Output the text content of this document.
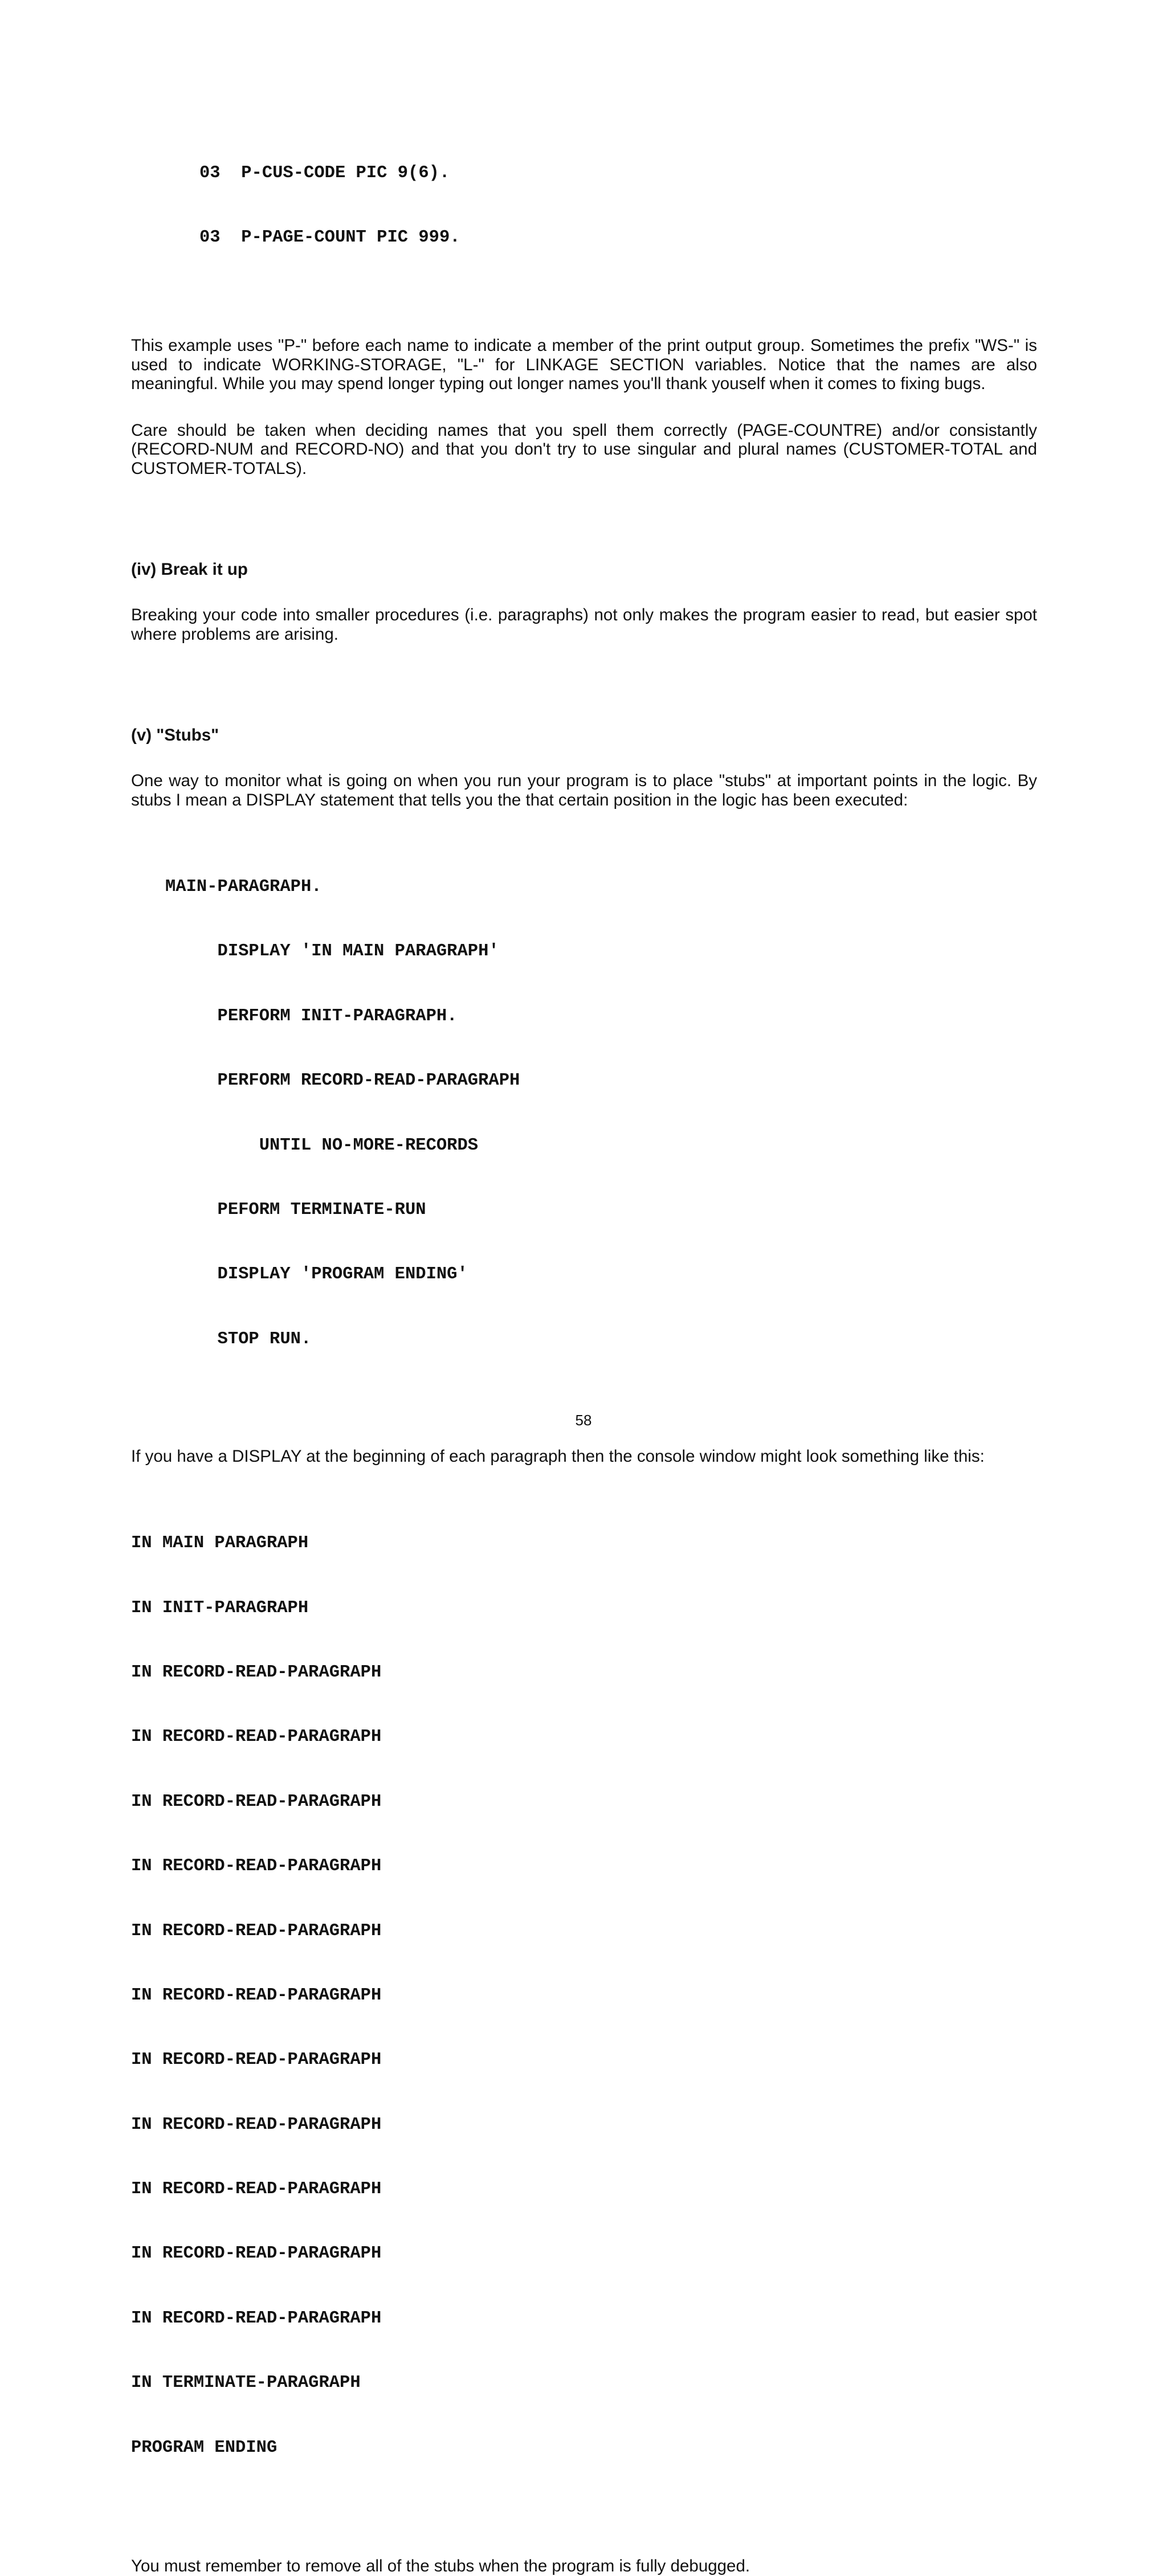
03  P-CUS-CODE PIC 9(6).

03  P-PAGE-COUNT PIC 999.

This example uses "P-" before each name to indicate a member of the print output group. Sometimes the prefix "WS-" is used to indicate WORKING-STORAGE, "L-" for LINKAGE SECTION variables. Notice that the names are also meaningful. While you may spend longer typing out longer names you'll thank youself when it comes to fixing bugs.

Care should be taken when deciding names that you spell them correctly (PAGE-COUNTRE) and/or consistantly (RECORD-NUM and RECORD-NO) and that you don't try to use singular and plural names (CUSTOMER-TOTAL and CUSTOMER-TOTALS).

(iv) Break it up

Breaking your code into smaller procedures (i.e. paragraphs) not only makes the program easier to read, but easier spot where problems are arising.

(v) "Stubs"

One way to monitor what is going on when you run your program is to place "stubs" at important points in the logic. By stubs I mean a DISPLAY statement that tells you the that certain position in the logic has been executed:

MAIN-PARAGRAPH.

DISPLAY 'IN MAIN PARAGRAPH'

PERFORM INIT-PARAGRAPH.

PERFORM RECORD-READ-PARAGRAPH

UNTIL NO-MORE-RECORDS

PEFORM TERMINATE-RUN

DISPLAY 'PROGRAM ENDING'

STOP RUN.

If you have a DISPLAY at the beginning of each paragraph then the console window might look something like this:

IN MAIN PARAGRAPH

IN INIT-PARAGRAPH

IN RECORD-READ-PARAGRAPH

IN RECORD-READ-PARAGRAPH

IN RECORD-READ-PARAGRAPH

IN RECORD-READ-PARAGRAPH

IN RECORD-READ-PARAGRAPH

IN RECORD-READ-PARAGRAPH

IN RECORD-READ-PARAGRAPH

IN RECORD-READ-PARAGRAPH

IN RECORD-READ-PARAGRAPH

IN RECORD-READ-PARAGRAPH

IN RECORD-READ-PARAGRAPH

IN TERMINATE-PARAGRAPH

PROGRAM ENDING

You must remember to remove all of the stubs when the program is fully debugged.

58
